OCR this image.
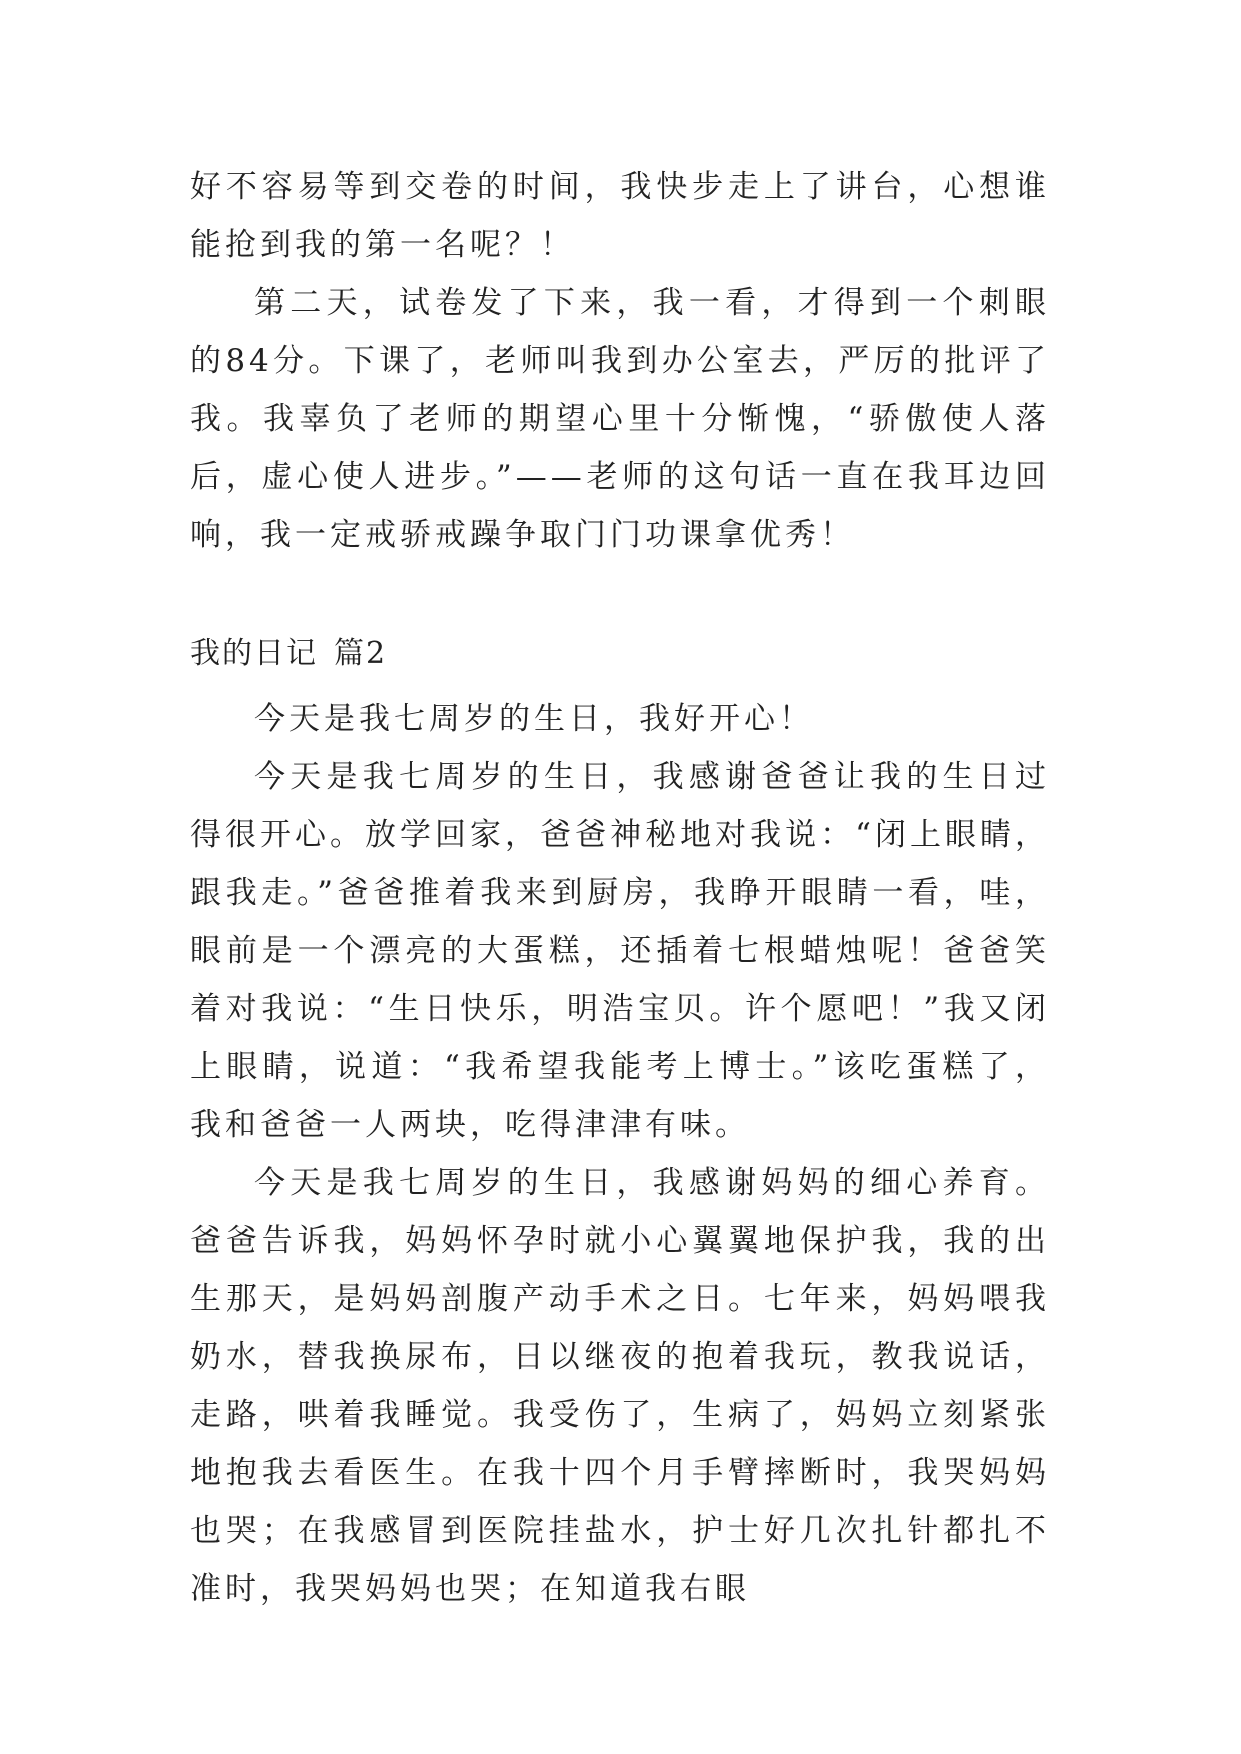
好不容易等到交卷的时间，我快步走上了讲台，心想谁能抢到我的第一名呢？！

第二天，试卷发了下来，我一看，才得到一个刺眼的84分。下课了，老师叫我到办公室去，严厉的批评了我。我辜负了老师的期望心里十分惭愧，“骄傲使人落后，虚心使人进步。”——老师的这句话一直在我耳边回响，我一定戒骄戒躁争取门门功课拿优秀！

我的日记 篇2

今天是我七周岁的生日，我好开心！

今天是我七周岁的生日，我感谢爸爸让我的生日过得很开心。放学回家，爸爸神秘地对我说：“闭上眼睛，跟我走。”爸爸推着我来到厨房，我睁开眼睛一看，哇，眼前是一个漂亮的大蛋糕，还插着七根蜡烛呢！爸爸笑着对我说：“生日快乐，明浩宝贝。许个愿吧！”我又闭上眼睛，说道：“我希望我能考上博士。”该吃蛋糕了，我和爸爸一人两块，吃得津津有味。

今天是我七周岁的生日，我感谢妈妈的细心养育。爸爸告诉我，妈妈怀孕时就小心翼翼地保护我，我的出生那天，是妈妈剖腹产动手术之日。七年来，妈妈喂我奶水，替我换尿布，日以继夜的抱着我玩，教我说话，走路，哄着我睡觉。我受伤了，生病了，妈妈立刻紧张地抱我去看医生。在我十四个月手臂摔断时，我哭妈妈也哭；在我感冒到医院挂盐水，护士好几次扎针都扎不准时，我哭妈妈也哭；在知道我右眼
